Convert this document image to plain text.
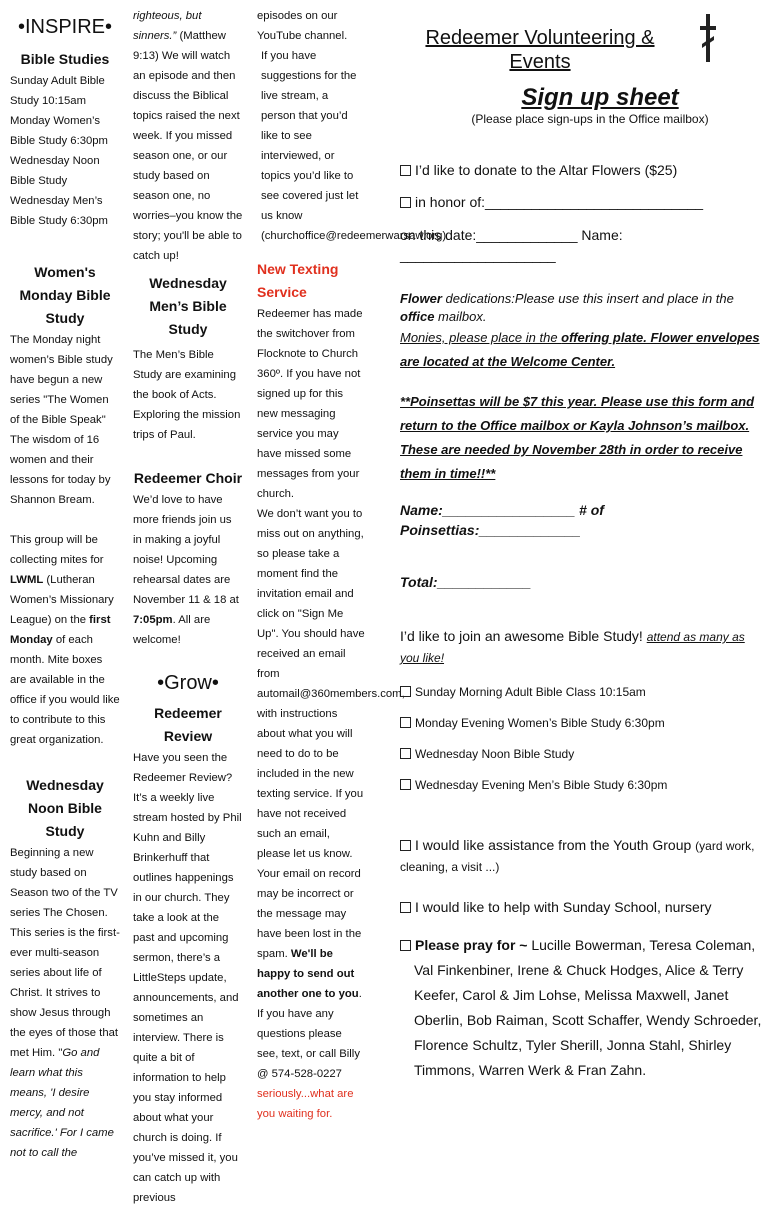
•INSPIRE•
Bible Studies

Sunday Adult Bible Study 10:15am

Monday Women’s Bible Study 6:30pm

Wednesday Noon Bible Study

Wednesday Men’s Bible Study 6:30pm

Women's Monday Bible Study

The Monday night women’s Bible study have begun a new series "The Women of the Bible Speak" The wisdom of 16 women and their lessons for today by Shannon Bream.

This group will be collecting mites for LWML (Lutheran Women’s Missionary League) on the first Monday of each month. Mite boxes are available in the office if you would like to contribute to this great organization.

Wednesday Noon Bible Study

Beginning a new study based on Season two of the TV series The Chosen. This series is the first-ever multi-season series about life of Christ. It strives to show Jesus through the eyes of those that met Him. "Go and learn what this means, 'I desire mercy, and not sacrifice.' For I came not to call the

righteous, but sinners.” (Matthew 9:13) We will watch an episode and then discuss the Biblical topics raised the next week. If you missed season one, or our study based on season one, no worries–you know the story; you'll be able to catch up!

Wednesday Men’s Bible Study

The Men’s Bible Study are examining the book of Acts. Exploring the mission trips of Paul.

Redeemer Choir

We’d love to have more friends join us in making a joyful noise! Upcoming rehearsal dates are November 11 & 18 at 7:05pm. All are welcome!

•Grow•
Redeemer Review

Have you seen the Redeemer Review? It’s a weekly live stream hosted by Phil Kuhn and Billy Brinkerhuff that outlines happenings in our church. They take a look at the past and upcoming sermon, there’s a LittleSteps update, announcements, and sometimes an interview. There is quite a bit of information to help you stay informed about what your church is doing. If you’ve missed it, you can catch up with previous

episodes on our YouTube channel.

If you have suggestions for the live stream, a person that you’d like to see interviewed, or topics you’d like to see covered just let us know (churchoffice@redeemerwarsaw.org)

New Texting Service

Redeemer has made the switchover from Flocknote to Church 360º. If you have not signed up for this new messaging service you may have missed some messages from your church.

We don’t want you to miss out on anything, so please take a moment find the invitation email and click on "Sign Me Up". You should have received an email from automail@360members.com, with instructions about what you will need to do to be included in the new texting service. If you have not received such an email, please let us know. Your email on record may be incorrect or the message may have been lost in the spam. We'll be happy to send out another one to you.

If you have any questions please see, text, or call Billy @ 574-528-0227 seriously...what are you waiting for.

Redeemer Volunteering & Events
Sign up sheet
(Please place sign-ups in the Office mailbox)
I’d like to donate to the Altar Flowers ($25)
in honor of:____________________________
on this date:_____________ Name: ____________________

Flower dedications:Please use this insert and place in the office mailbox.

Monies, please place in the offering plate. Flower envelopes are located at the Welcome Center.

**Poinsettas will be $7 this year. Please use this form and return to the Office mailbox or Kayla Johnson’s mailbox. These are needed by November 28th in order to receive them in time!!**

Name:_________________ # of Poinsettias:_____________
Total:____________

I’d like to join an awesome Bible Study! attend as many as you like!

Sunday Morning Adult Bible Class 10:15am
Monday Evening Women’s Bible Study 6:30pm
Wednesday Noon Bible Study
Wednesday Evening Men’s Bible Study 6:30pm
I would like assistance from the Youth Group (yard work, cleaning, a visit ...)
I would like to help with Sunday School, nursery
Please pray for ~ Lucille Bowerman, Teresa Coleman, Val Finkenbiner, Irene & Chuck Hodges, Alice & Terry Keefer, Carol & Jim Lohse, Melissa Maxwell, Janet Oberlin, Bob Raiman, Scott Schaffer, Wendy Schroeder, Florence Schultz, Tyler Sherill, Jonna Stahl, Shirley Timmons, Warren Werk & Fran Zahn.
